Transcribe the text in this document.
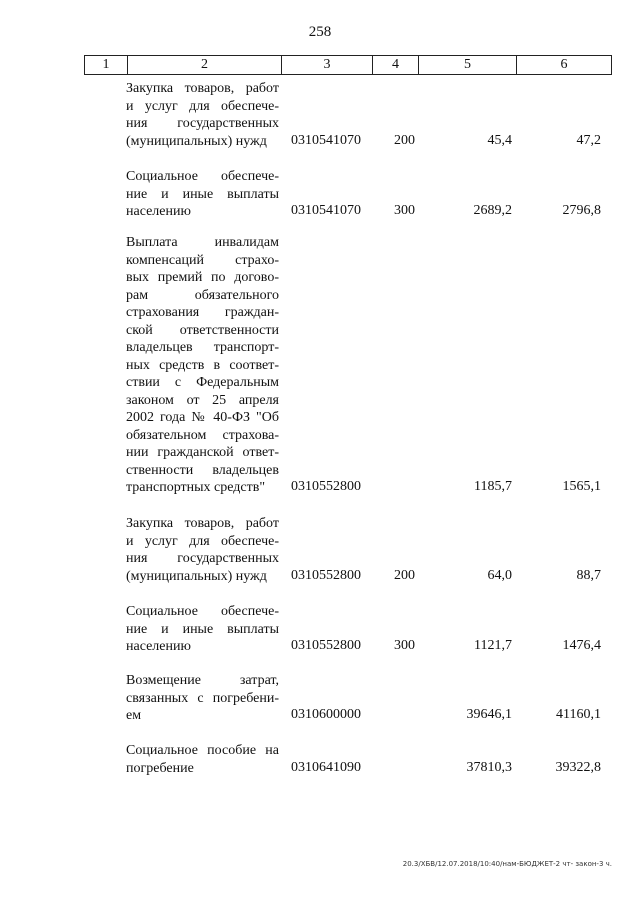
258
1	2	3	4	5	6
Закупка товаров, работ
и услуг для обеспече-
ния государственных
(муниципальных) нужд	0310541070 200	45,4	47,2
Социальное обеспече-
ние и иные выплаты
населению	0310541070 300	2689,2	2796,8
Выплата инвалидам
компенсаций страхо-
вых премий по догово-
рам обязательного
страхования граждан-
ской ответственности
владельцев транспорт-
ных средств в соответ-
ствии с Федеральным
законом от 25 апреля
2002 года № 40-ФЗ "Об
обязательном страхова-
нии гражданской ответ-
ственности владельцев
транспортных средств"	0310552800	1185,7	1565,1
Закупка товаров, работ
и услуг для обеспече-
ния государственных
(муниципальных) нужд	0310552800 200	64,0	88,7
Социальное обеспече-
ние и иные выплаты
населению	0310552800 300	1121,7	1476,4
Возмещение затрат,
связанных с погребени-
ем	0310600000	39646,1	41160,1
Социальное пособие на
погребение	0310641090	37810,3	39322,8
20.3/ХБВ/12.07.2018/10:40/нам-БЮДЖЕТ-2 чт- закон-3 ч.
